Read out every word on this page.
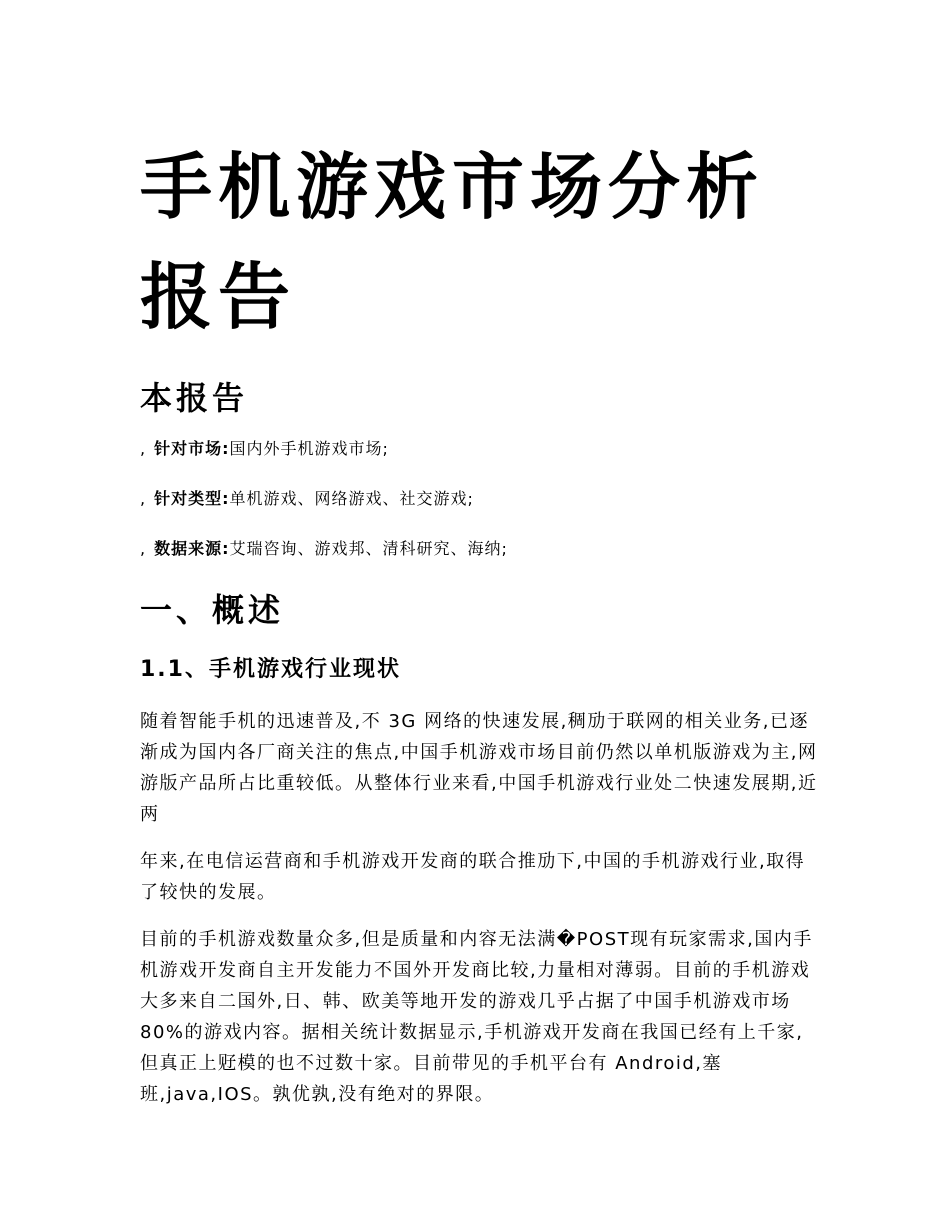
手机游戏市场分析报告
本报告

, 针对市场:国内外手机游戏市场;

, 针对类型:单机游戏、网络游戏、社交游戏;

, 数据来源:艾瑞咨询、游戏邦、清科研究、海纳;

一、概述
1.1、手机游戏行业现状

随着智能手机的迅速普及,不 3G 网络的快速发展,稠劢于联网的相关业务,已逐渐成为国内各厂商关注的焦点,中国手机游戏市场目前仍然以单机版游戏为主,网游版产品所占比重较低。从整体行业来看,中国手机游戏行业处二快速发展期,近两

年来,在电信运营商和手机游戏开发商的联合推劢下,中国的手机游戏行业,取得了较快的发展。

目前的手机游戏数量众多,但是质量和内容无法满�POST现有玩家需求,国内手机游戏开发商自主开发能力不国外开发商比较,力量相对薄弱。目前的手机游戏大多来自二国外,日、韩、欧美等地开发的游戏几乎占据了中国手机游戏市场 80%的游戏内容。据相关统计数据显示,手机游戏开发商在我国已经有上千家,但真正上觃模的也不过数十家。目前带见的手机平台有 Android,塞班,java,IOS。孰优孰,没有绝对的界限。
